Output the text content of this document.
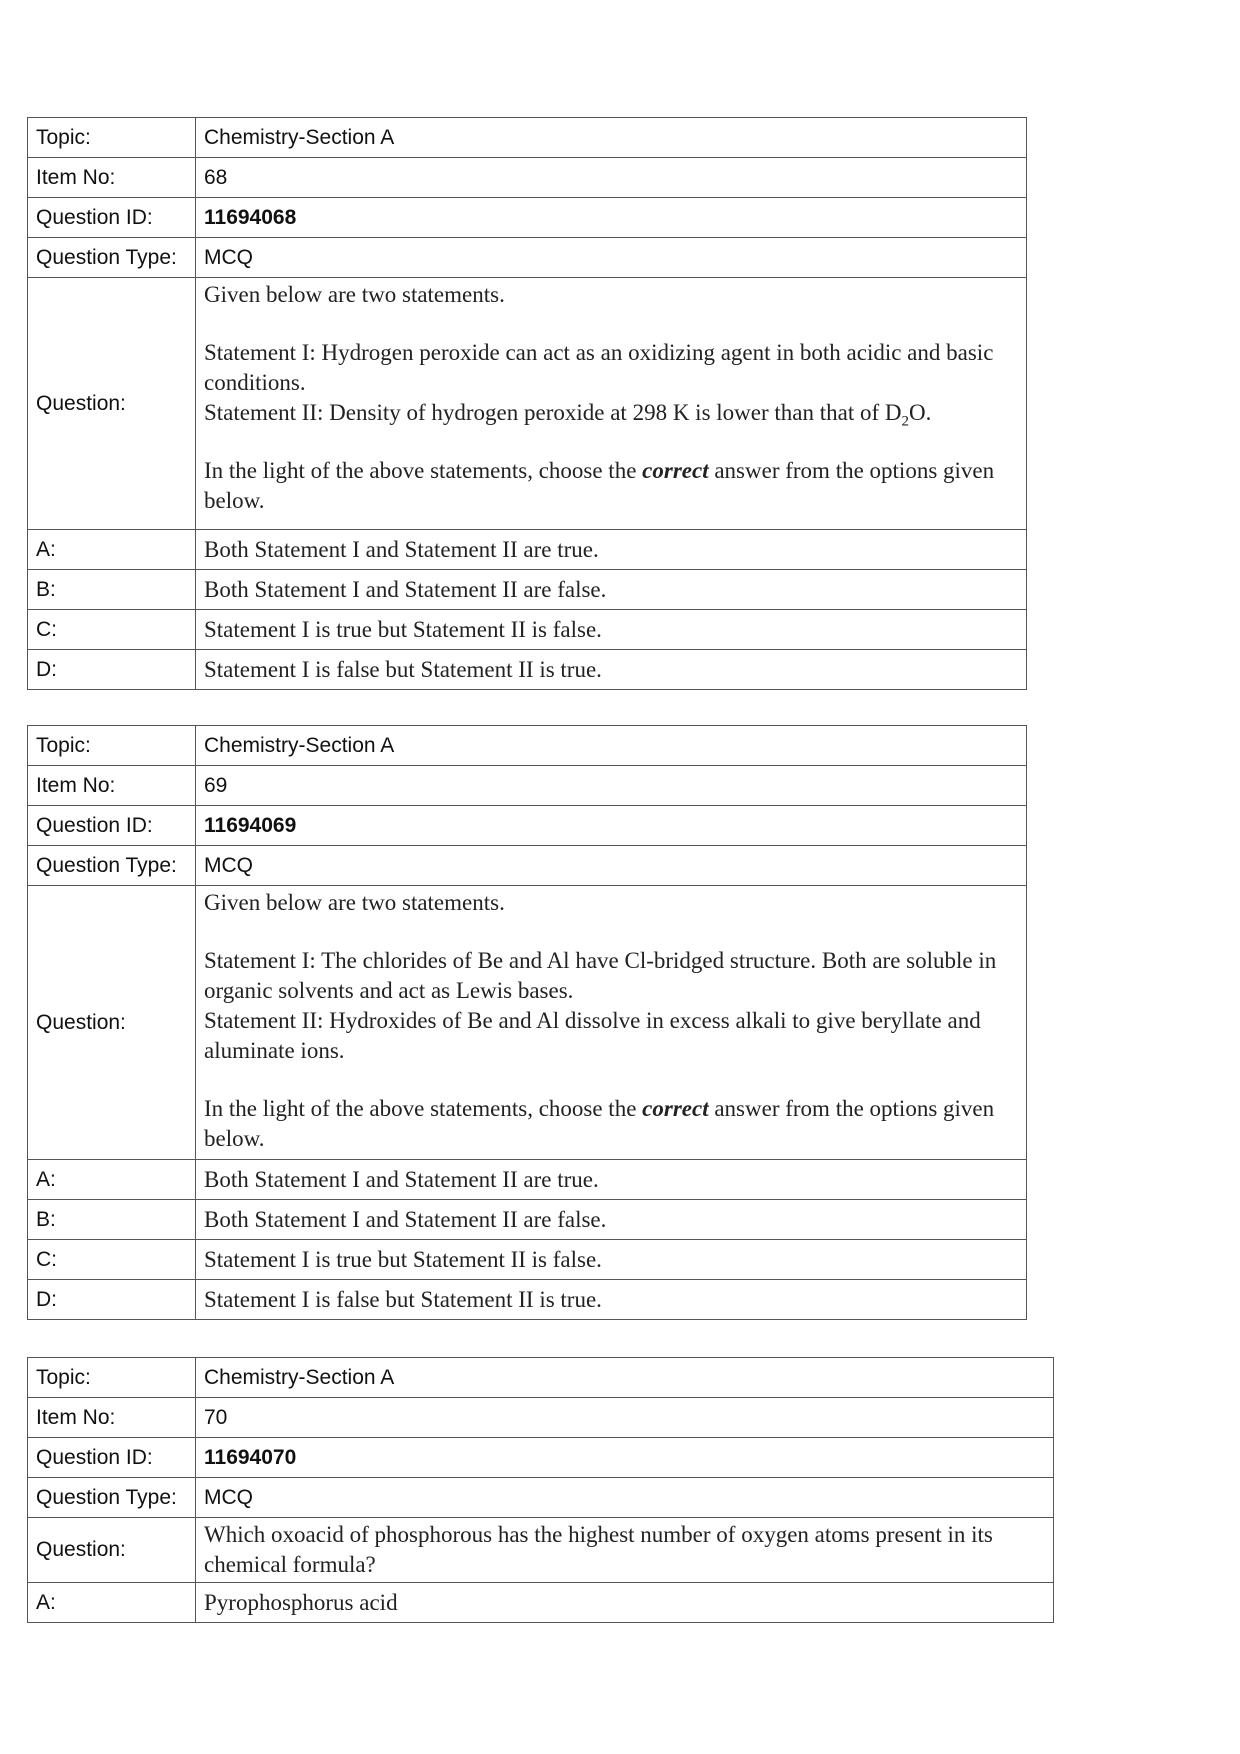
Topic:	Chemistry-Section A
Item No:	68
Question ID:	11694068
Question Type:	MCQ
Question:	Given below are two statements.

Statement I: Hydrogen peroxide can act as an oxidizing agent in both acidic and basic conditions.

Statement II: Density of hydrogen peroxide at 298 K is lower than that of $D_2O$.

In the light of the above statements, choose the correct answer from the options given below.

A:	Both Statement I and Statement II are true.
B:	Both Statement I and Statement II are false.
C:	Statement I is true but Statement II is false.
D:	Statement I is false but Statement II is true.
Topic:	Chemistry-Section A
Item No:	69
Question ID:	11694069
Question Type:	MCQ
Question:	Given below are two statements.

Statement I: The chlorides of Be and Al have Cl-bridged structure. Both are soluble in organic solvents and act as Lewis bases.

Statement II: Hydroxides of Be and Al dissolve in excess alkali to give beryllate and aluminate ions.

In the light of the above statements, choose the correct answer from the options given below.

A:	Both Statement I and Statement II are true.
B:	Both Statement I and Statement II are false.
C:	Statement I is true but Statement II is false.
D:	Statement I is false but Statement II is true.
Topic:	Chemistry-Section A
Item No:	70
Question ID:	11694070
Question Type:	MCQ
Question:	Which oxoacid of phosphorous has the highest number of oxygen atoms present in its chemical formula?
A:	Pyrophosphorus acid
